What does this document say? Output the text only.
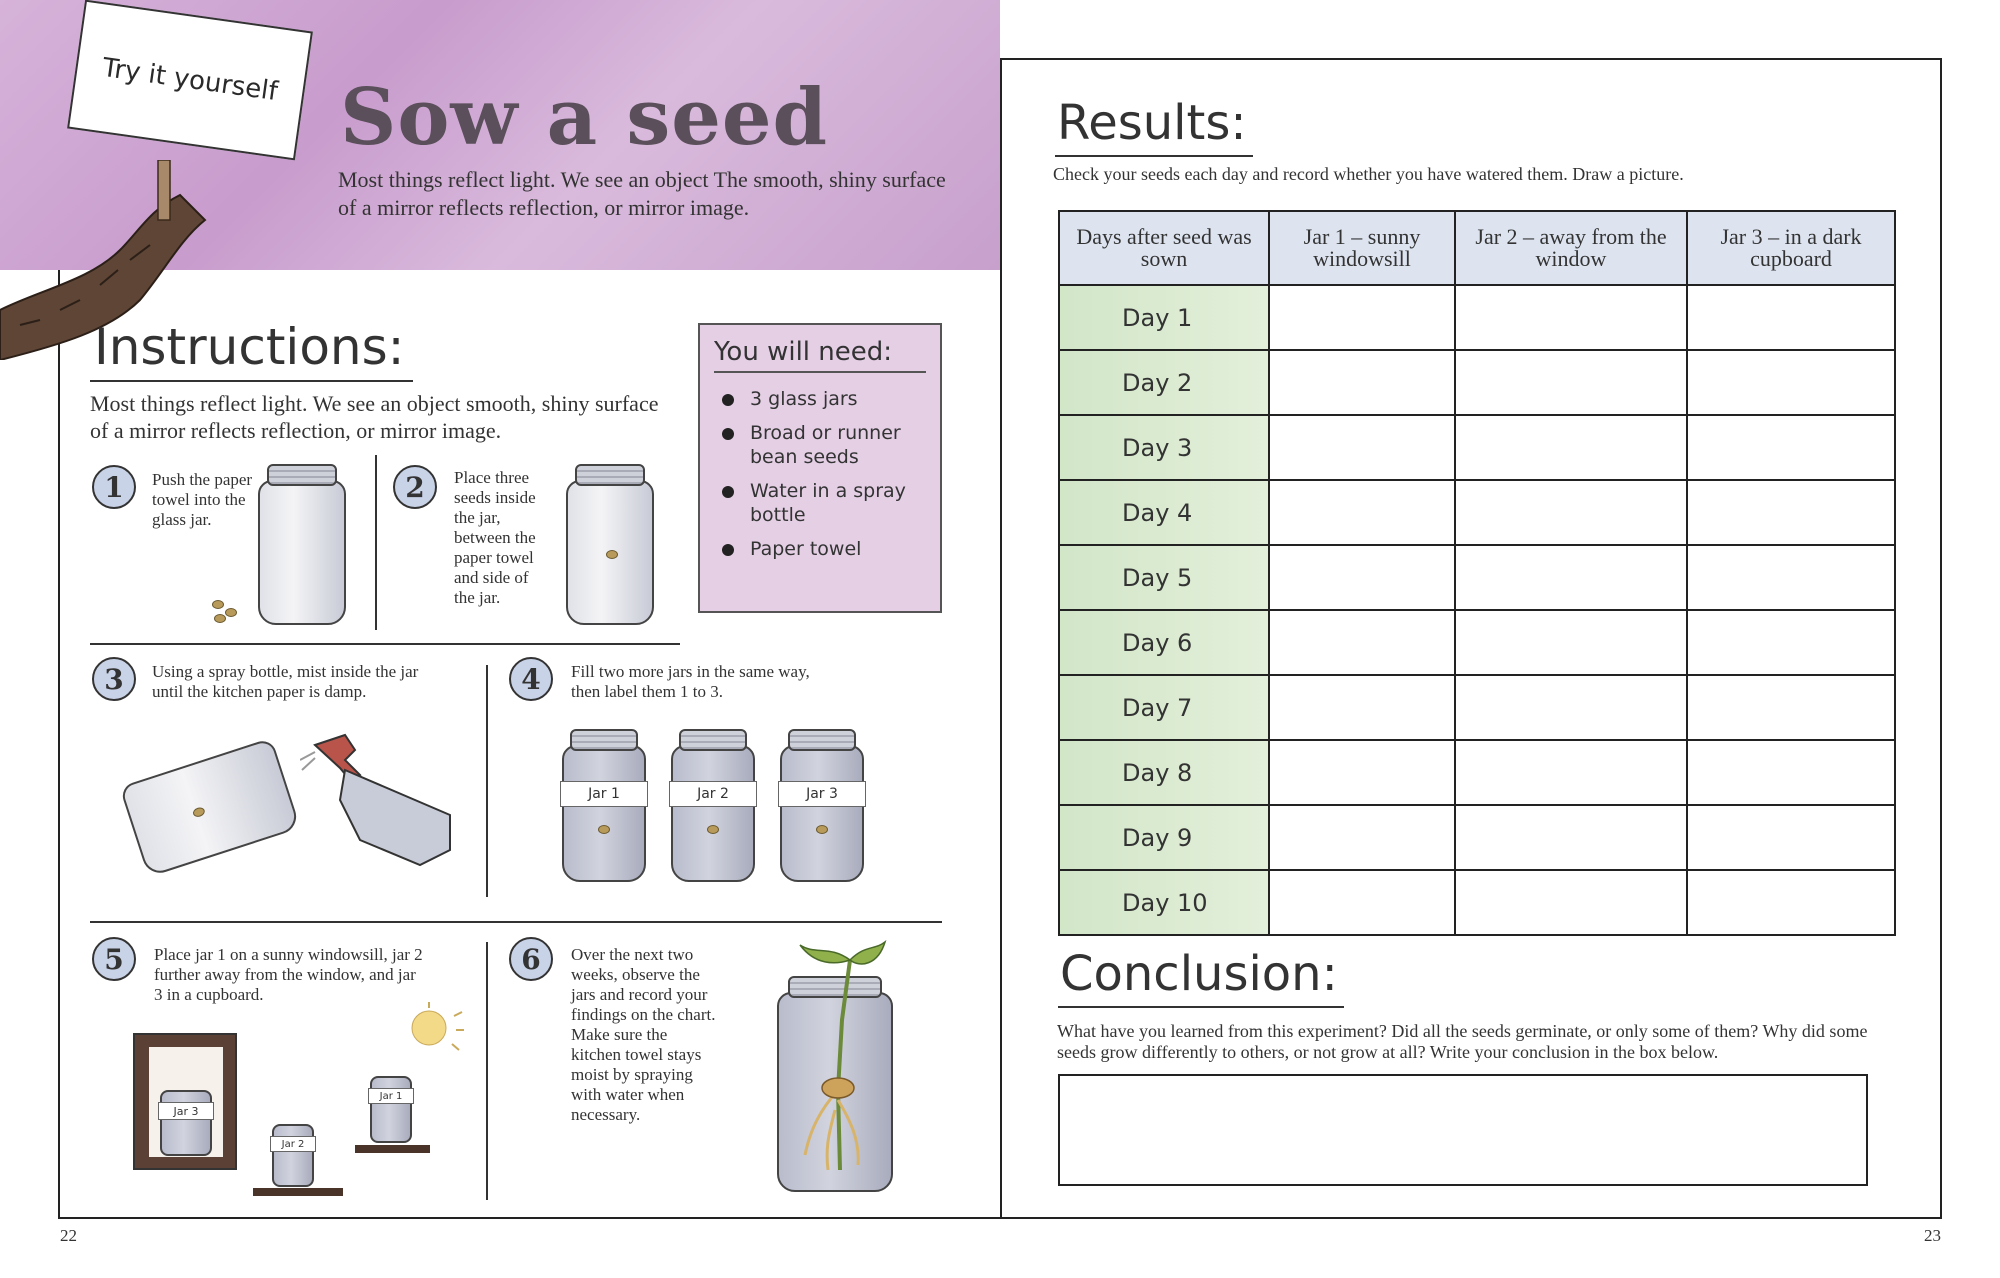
Try it yourself Sow a seed
Most things reflect light. We see an object The smooth, shiny surface of a mirror reflects reflection, or mirror image.
Instructions:
Most things reflect light. We see an object smooth, shiny surface of a mirror reflects reflection, or mirror image.
You will need:
3 glass jars
Broad or runner bean seeds
Water in a spray bottle
Paper towel
1	Push the paper towel into the glass jar.
2	Place three seeds inside the jar, between the paper towel and side of the jar.
3	Using a spray bottle, mist inside the jar until the kitchen paper is damp.	4	Fill two more jars in the same way, then label them 1 to 3.
Jar 1	Jar 2	Jar 3
5	Place jar 1 on a sunny windowsill, jar 2 further away from the window, and jar 3 in a cupboard.
Jar 3
Jar 2
Jar 1
6	Over the next two weeks, observe the jars and record your findings on the chart. Make sure the kitchen towel stays moist by spraying with water when necessary.
22
Results:
Check your seeds each day and record whether you have watered them. Draw a picture.
Days after seed was sown	Jar 1 – sunny windowsill	Jar 2 – away from the window	Jar 3 – in a dark cupboard
Day 1			
Day 2			
Day 3			
Day 4			
Day 5			
Day 6			
Day 7			
Day 8			
Day 9			
Day 10			
Conclusion:
What have you learned from this experiment? Did all the seeds germinate, or only some of them? Why did some seeds grow differently to others, or not grow at all? Write your conclusion in the box below.
23
